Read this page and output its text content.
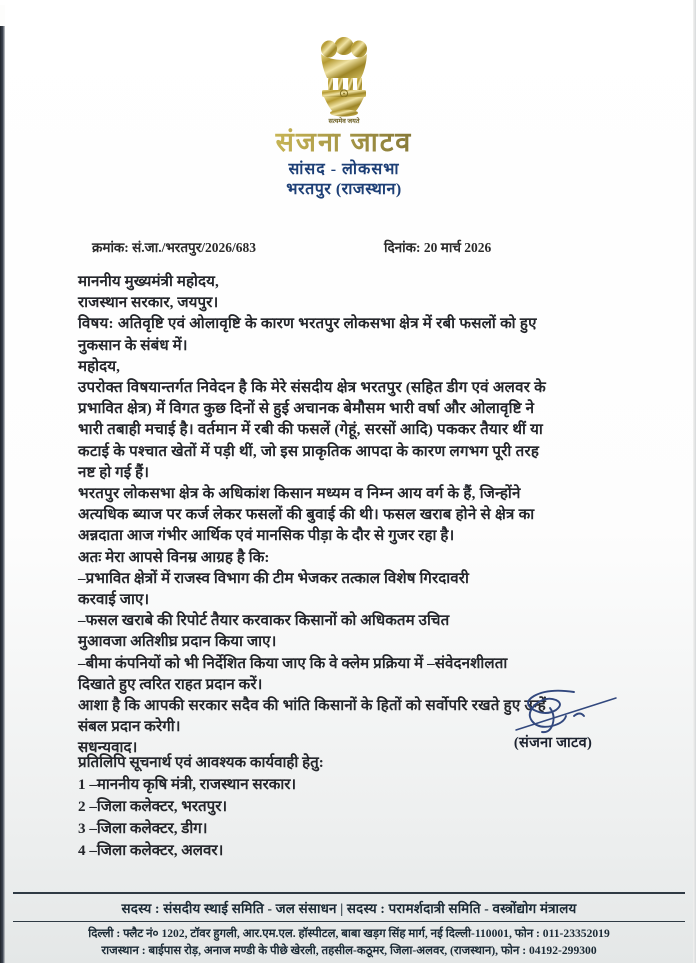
सत्यमेव जयते
संजना जाटव
सांसद - लोकसभा
भरतपुर (राजस्थान)
क्रमांक: सं.जा./भरतपुर/2026/683	दिनांक: 20 मार्च 2026
माननीय मुख्यमंत्री महोदय,
राजस्थान सरकार, जयपुर।
विषय: अतिवृष्टि एवं ओलावृष्टि के कारण भरतपुर लोकसभा क्षेत्र में रबी फसलों को हुए
नुकसान के संबंध में।
महोदय,
उपरोक्त विषयान्तर्गत निवेदन है कि मेरे संसदीय क्षेत्र भरतपुर (सहित डीग एवं अलवर के
प्रभावित क्षेत्र) में विगत कुछ दिनों से हुई अचानक बेमौसम भारी वर्षा और ओलावृष्टि ने
भारी तबाही मचाई है। वर्तमान में रबी की फसलें (गेहूं, सरसों आदि) पककर तैयार थीं या
कटाई के पश्चात खेतों में पड़ी थीं, जो इस प्राकृतिक आपदा के कारण लगभग पूरी तरह
नष्ट हो गई हैं।
भरतपुर लोकसभा क्षेत्र के अधिकांश किसान मध्यम व निम्न आय वर्ग के हैं, जिन्होंने
अत्यधिक ब्याज पर कर्ज लेकर फसलों की बुवाई की थी। फसल खराब होने से क्षेत्र का
अन्नदाता आज गंभीर आर्थिक एवं मानसिक पीड़ा के दौर से गुजर रहा है।
अतः मेरा आपसे विनम्र आग्रह है कि:
–प्रभावित क्षेत्रों में राजस्व विभाग की टीम भेजकर तत्काल विशेष गिरदावरी
करवाई जाए।
–फसल खराबे की रिपोर्ट तैयार करवाकर किसानों को अधिकतम उचित
मुआवजा अतिशीघ्र प्रदान किया जाए।
–बीमा कंपनियों को भी निर्देशित किया जाए कि वे क्लेम प्रक्रिया में –संवेदनशीलता
दिखाते हुए त्वरित राहत प्रदान करें।
आशा है कि आपकी सरकार सदैव की भांति किसानों के हितों को सर्वोपरि रखते हुए उन्हें
संबल प्रदान करेगी।
सधन्यवाद।	(संजना जाटव)
प्रतिलिपि सूचनार्थ एवं आवश्यक कार्यवाही हेतु:
1 –माननीय कृषि मंत्री, राजस्थान सरकार।
2 –जिला कलेक्टर, भरतपुर।
3 –जिला कलेक्टर, डीग।
4 –जिला कलेक्टर, अलवर।
सदस्य : संसदीय स्थाई समिति - जल संसाधन | सदस्य : परामर्शदात्री समिति - वस्त्रोंद्योग मंत्रालय
दिल्ली : फ्लैट नं० 1202, टॉवर हुगली, आर.एम.एल. हॉस्पीटल, बाबा खड़ग सिंह मार्ग, नई दिल्ली-110001, फोन : 011-23352019
राजस्थान : बाईपास रोड़, अनाज मण्डी के पीछे खेरली, तहसील-कठूमर, जिला-अलवर, (राजस्थान), फोन : 04192-299300
